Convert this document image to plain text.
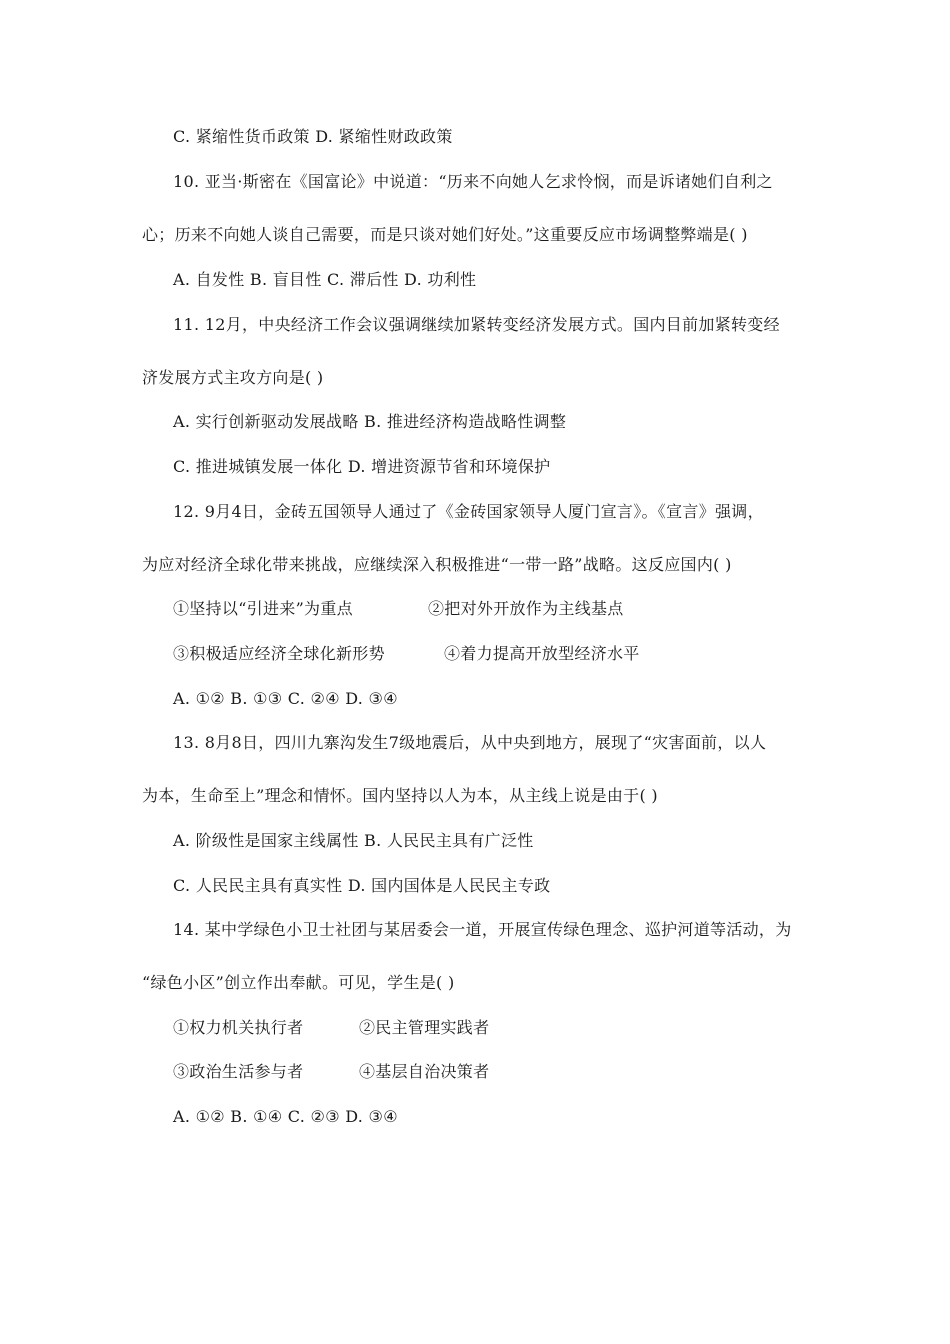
C. 紧缩性货币政策 D. 紧缩性财政政策
10. 亚当·斯密在《国富论》中说道：“历来不向她人乞求怜悯，而是诉诸她们自利之
心；历来不向她人谈自己需要，而是只谈对她们好处。”这重要反应市场调整弊端是( )
A. 自发性 B. 盲目性 C. 滞后性 D. 功利性
11. 12月，中央经济工作会议强调继续加紧转变经济发展方式。国内目前加紧转变经
济发展方式主攻方向是( )
A. 实行创新驱动发展战略 B. 推进经济构造战略性调整
C. 推进城镇发展一体化 D. 增进资源节省和环境保护
12. 9月4日，金砖五国领导人通过了《金砖国家领导人厦门宣言》。《宣言》强调，
为应对经济全球化带来挑战，应继续深入积极推进“一带一路”战略。这反应国内( )
①坚持以“引进来”为重点	②把对外开放作为主线基点
③积极适应经济全球化新形势	④着力提高开放型经济水平
A. ①② B. ①③ C. ②④ D. ③④
13. 8月8日，四川九寨沟发生7级地震后，从中央到地方，展现了“灾害面前，以人
为本，生命至上”理念和情怀。国内坚持以人为本，从主线上说是由于( )
A. 阶级性是国家主线属性 B. 人民民主具有广泛性
C. 人民民主具有真实性 D. 国内国体是人民民主专政
14. 某中学绿色小卫士社团与某居委会一道，开展宣传绿色理念、巡护河道等活动，为
“绿色小区”创立作出奉献。可见，学生是( )
①权力机关执行者	②民主管理实践者
③政治生活参与者	④基层自治决策者
A. ①② B. ①④ C. ②③ D. ③④
